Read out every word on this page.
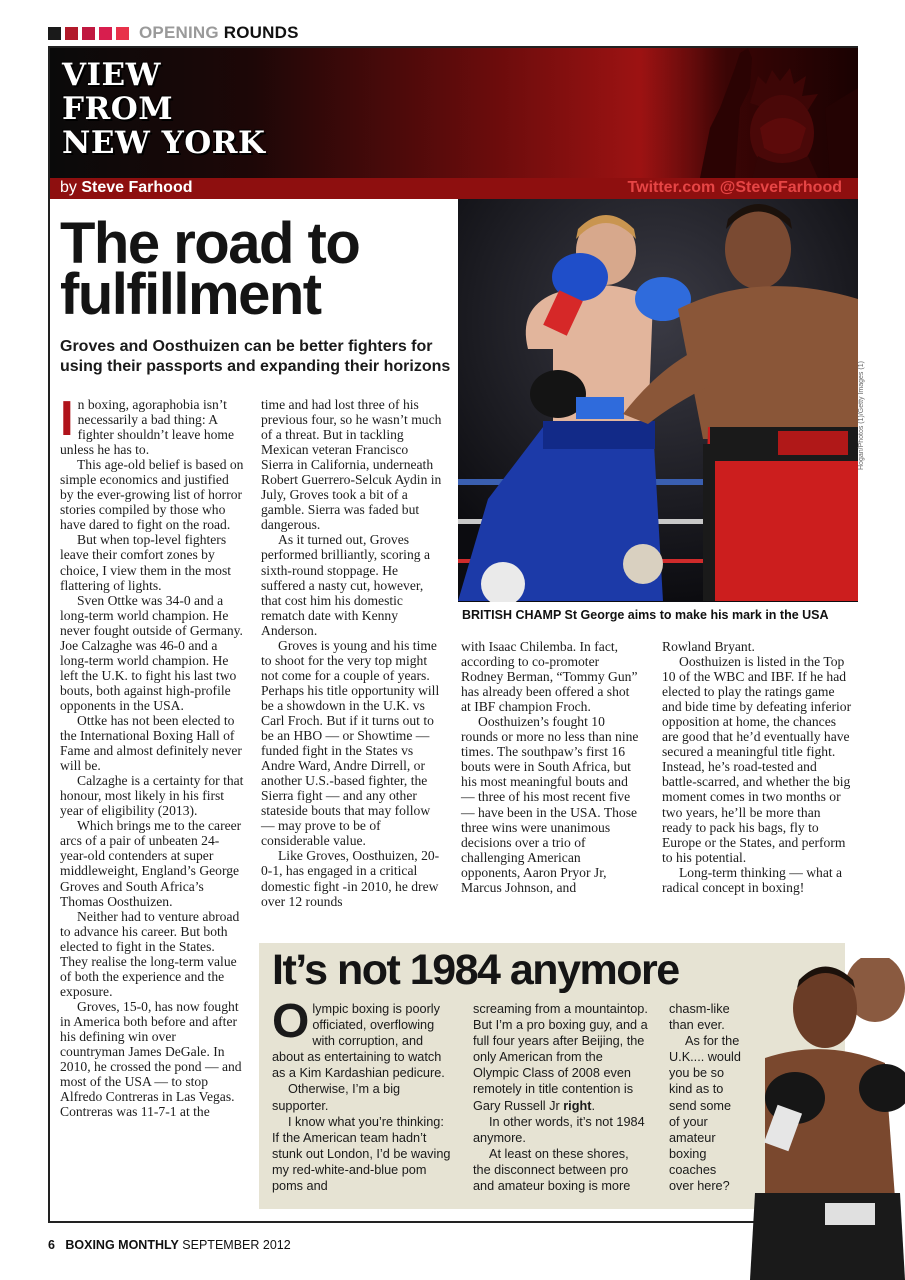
OPENING ROUNDS
VIEW
FROM
NEW YORK
by Steve Farhood	Twitter.com @SteveFarhood
The road to fulfillment
Groves and Oosthuizen can be better fighters for using their passports and expanding their horizons	Hogan/Photos (1)/Getty Images (1)
BRITISH CHAMP St George aims to make his mark in the USA

In boxing, agoraphobia isn’t necessarily a bad thing: A fighter shouldn’t leave home unless he has to.

This age-old belief is based on simple economics and justified by the ever-growing list of horror stories compiled by those who have dared to fight on the road.

But when top-level fighters leave their comfort zones by choice, I view them in the most flattering of lights.

Sven Ottke was 34-0 and a long-term world champion. He never fought outside of Germany. Joe Calzaghe was 46-0 and a long-term world champion. He left the U.K. to fight his last two bouts, both against high-profile opponents in the USA.

Ottke has not been elected to the International Boxing Hall of Fame and almost definitely never will be.

Calzaghe is a certainty for that honour, most likely in his first year of eligibility (2013).

Which brings me to the career arcs of a pair of unbeaten 24-year-old contenders at super middleweight, England’s George Groves and South Africa’s Thomas Oosthuizen.

Neither had to venture abroad to advance his career. But both elected to fight in the States. They realise the long-term value of both the experience and the exposure.

Groves, 15-0, has now fought in America both before and after his defining win over countryman James DeGale. In 2010, he crossed the pond — and most of the USA — to stop Alfredo Contreras in Las Vegas. Contreras was 11-7-1 at the

time and had lost three of his previous four, so he wasn’t much of a threat. But in tackling Mexican veteran Francisco Sierra in California, underneath Robert Guerrero-Selcuk Aydin in July, Groves took a bit of a gamble. Sierra was faded but dangerous.

As it turned out, Groves performed brilliantly, scoring a sixth-round stoppage. He suffered a nasty cut, however, that cost him his domestic rematch date with Kenny Anderson.

Groves is young and his time to shoot for the very top might not come for a couple of years. Perhaps his title opportunity will be a showdown in the U.K. vs Carl Froch. But if it turns out to be an HBO — or Showtime — funded fight in the States vs Andre Ward, Andre Dirrell, or another U.S.-based fighter, the Sierra fight — and any other stateside bouts that may follow — may prove to be of considerable value.

Like Groves, Oosthuizen, 20-0-1, has engaged in a critical domestic fight -in 2010, he drew over 12 rounds

with Isaac Chilemba. In fact, according to co-promoter Rodney Berman, “Tommy Gun” has already been offered a shot at IBF champion Froch.

Oosthuizen’s fought 10 rounds or more no less than nine times. The southpaw’s first 16 bouts were in South Africa, but his most meaningful bouts and — three of his most recent five — have been in the USA. Those three wins were unanimous decisions over a trio of challenging American opponents, Aaron Pryor Jr, Marcus Johnson, and

Rowland Bryant.

Oosthuizen is listed in the Top 10 of the WBC and IBF. If he had elected to play the ratings game and bide time by defeating inferior opposition at home, the chances are good that he’d eventually have secured a meaningful title fight. Instead, he’s road-tested and battle-scarred, and whether the big moment comes in two months or two years, he’ll be more than ready to pack his bags, fly to Europe or the States, and perform to his potential.

Long-term thinking — what a radical concept in boxing!

It’s not 1984 anymore

Olympic boxing is poorly officiated, overflowing with corruption, and about as entertaining to watch as a Kim Kardashian pedicure.

Otherwise, I’m a big supporter.

I know what you’re thinking: If the American team hadn’t stunk out London, I’d be waving my red-white-and-blue pom poms and

screaming from a mountaintop. But I’m a pro boxing guy, and a full four years after Beijing, the only American from the Olympic Class of 2008 even remotely in title contention is Gary Russell Jr right.

In other words, it’s not 1984 anymore.

At least on these shores, the disconnect between pro and amateur boxing is more

chasm-like than ever.

As for the U.K.... would you be so kind as to send some of your amateur boxing coaches over here?

6 BOXING MONTHLY SEPTEMBER 2012
